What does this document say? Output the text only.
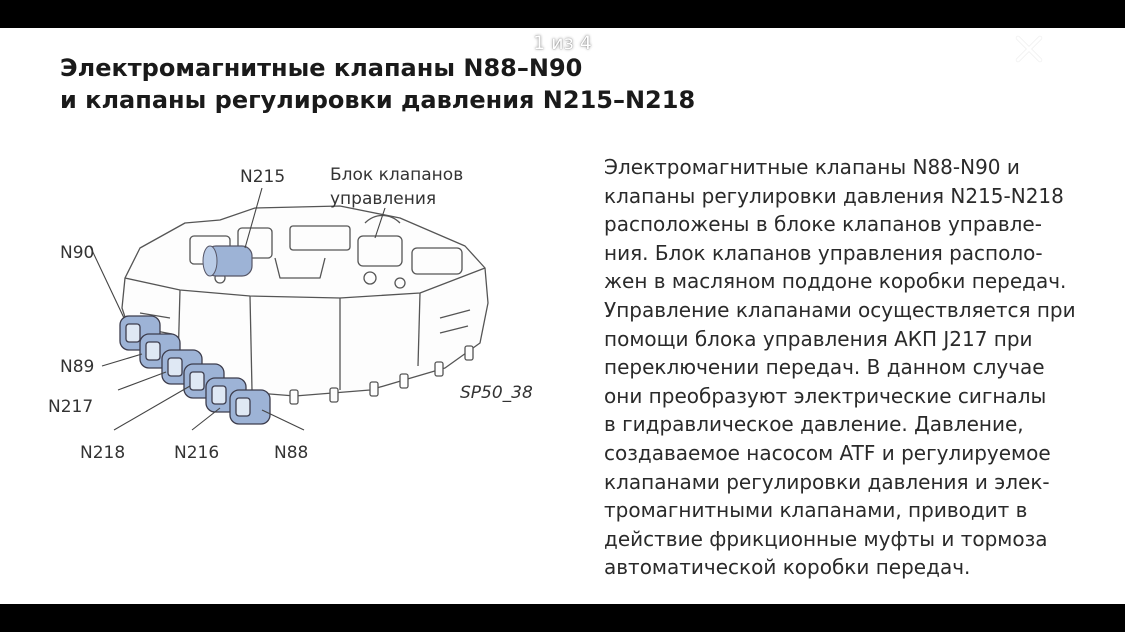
Электромагнитные клапаны N88–N90
и клапаны регулировки давления N215–N218
N215	Блок клапанов
управления
N90
N89
N217
N218	N216	N88
SP50_38
Электромагнитные клапаны N88-N90 и
клапаны регулировки давления N215-N218
расположены в блоке клапанов управле-
ния. Блок клапанов управления располо-
жен в масляном поддоне коробки передач.
Управление клапанами осуществляется при
помощи блока управления АКП J217 при
переключении передач. В данном случае
они преобразуют электрические сигналы
в гидравлическое давление. Давление,
создаваемое насосом ATF и регулируемое
клапанами регулировки давления и элек-
тромагнитными клапанами, приводит в
действие фрикционные муфты и тормоза
автоматической коробки передач.
1 из 4
